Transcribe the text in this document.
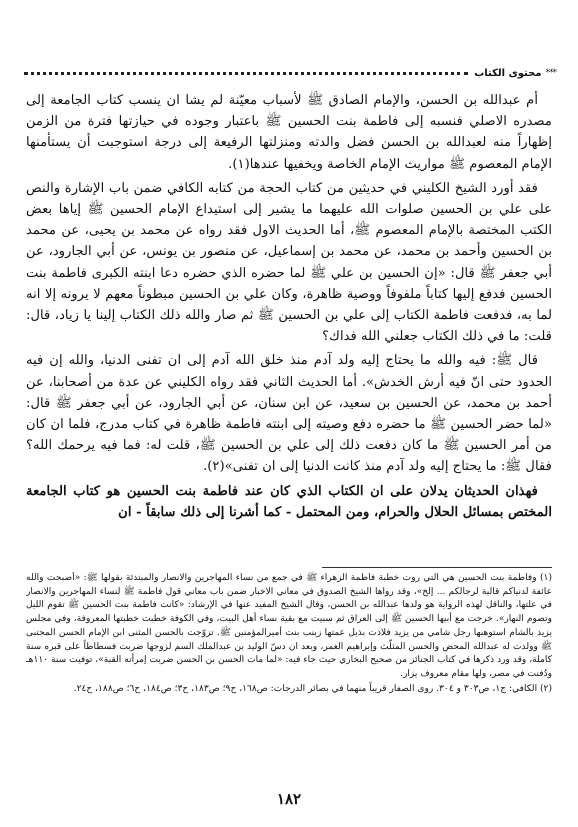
***
محتوى الكتاب

أم عبدالله بن الحسن، والإمام الصادق ﷺ لأسباب معيّنة لم يشا ان ينسب كتاب الجامعة إلى مصدره الاصلي فنسبه إلى فاطمة بنت الحسين ﷺ باعتبار وجوده في حيازتها فترة من الزمن إظهاراً منه لعبدالله بن الحسن فضل والدته ومنزلتها الرفيعة إلى درجة استوجبت أن يستأمنها الإمام المعصوم ﷺ مواريث الإمام الخاصة ويخفيها عندها(١).

فقد أورد الشيخ الكليني في حديثين من كتاب الحجة من كتابه الكافي ضمن باب الإشارة والنص على علي بن الحسين صلوات الله عليهما ما يشير إلى استيداع الإمام الحسين ﷺ إياها بعض الكتب المختصة بالإمام المعصوم ﷺ، أما الحديث الاول فقد رواه عن محمد بن يحيى، عن محمد بن الحسين وأحمد بن محمد، عن محمد بن إسماعيل، عن منصور بن يونس، عن أبي الجارود، عن أبي جعفر ﷺ قال: «إن الحسين بن علي ﷺ لما حضره الذي حضره دعا ابنته الكبرى فاطمة بنت الحسين فدفع إليها كتاباً ملفوفاً ووصية ظاهرة، وكان علي بن الحسين مبطوناً معهم لا يرونه إلا انه لما به، فدفعت فاطمة الكتاب إلى علي بن الحسين ﷺ ثم صار والله ذلك الكتاب إلينا يا زياد، قال: قلت: ما في ذلك الكتاب جعلني الله فداك؟

قال ﷺ: فيه والله ما يحتاج إليه ولد آدم منذ خلق الله آدم إلى ان تفنى الدنيا، والله إن فيه الحدود حتى انّ فيه أرش الخدش». أما الحديث الثاني فقد رواه الكليني عن عدة من أصحابنا، عن أحمد بن محمد، عن الحسين بن سعيد، عن ابن سنان، عن أبي الجارود، عن أبي جعفر ﷺ قال: «لما حضر الحسين ﷺ ما حضره دفع وصيته إلى ابنته فاطمة ظاهرة في كتاب مدرج، فلما ان كان من أمر الحسين ﷺ ما كان دفعت ذلك إلى علي بن الحسين ﷺ، قلت له: فما فيه يرحمك الله؟ فقال ﷺ: ما يحتاج إليه ولد آدم منذ كانت الدنيا إلى ان تفنى»(٢).

فهذان الحديثان يدلان على ان الكتاب الذي كان عند فاطمة بنت الحسين هو كتاب الجامعة المختص بمسائل الحلال والحرام، ومن المحتمل - كما أشرنا إلى ذلك سابقاً - ان

(١) وفاطمة بنت الحسين هي التي روت خطبة فاطمة الزهراء ﷺ في جمع من نساء المهاجرين والانصار والمبتدئة بقولها ﷺ: «أصبحت والله عائفة لدنياكم قالية لرجالكم ... إلخ»، وقد رواها الشيخ الصدوق في معاني الاخبار ضمن باب معاني قول فاطمة ﷺ لنساء المهاجرين والانصار في علتها، والناقل لهذه الرواية هو ولدها عبدالله بن الحسن، وقال الشيخ المفيد عنها في الإرشاد: «كانت فاطمة بنت الحسين ﷺ تقوم الليل وتصوم النهار». خرجت مع أبيها الحسين ﷺ إلى العراق ثم سبيت مع بقية نساء أهل البيت، وفي الكوفة خطبت خطبتها المعروفة، وفي مجلس يزيد بالشام استوهبها رجل شامي من يزيد فلاذت بذيل عمتها زينب بنت أميرالمؤمنين ﷺ. تزوّجت بالحسن المثنى ابن الإمام الحسن المجتبى ﷺ وولدت له عبدالله المحض والحسن المثلّث وإبراهيم الغمر، وبعد ان دسّ الوليد بن عبدالملك السم لزوجها ضربت فسطاطاً على قبره سنة كاملة، وقد ورد ذكرها في كتاب الجنائز من صحيح البخاري حيث جاء فيه: «لما مات الحسن بن الحسن ضربت إمرأته القبة»، توفيت سنة ١١٠هـ ودُفنت في مصر، ولها مقام معروف يزار.

(٢) الكافي: ج١، ص٣٠٣ و ٣٠٤. روى الصفار قريباً منهما في بصائر الدرجات: ص١٦٨، ح٩؛ ص١٨٣، ح٣؛ ص١٨٤، ح٦؛ ص١٨٨، ح٢٤.

١٨٢
